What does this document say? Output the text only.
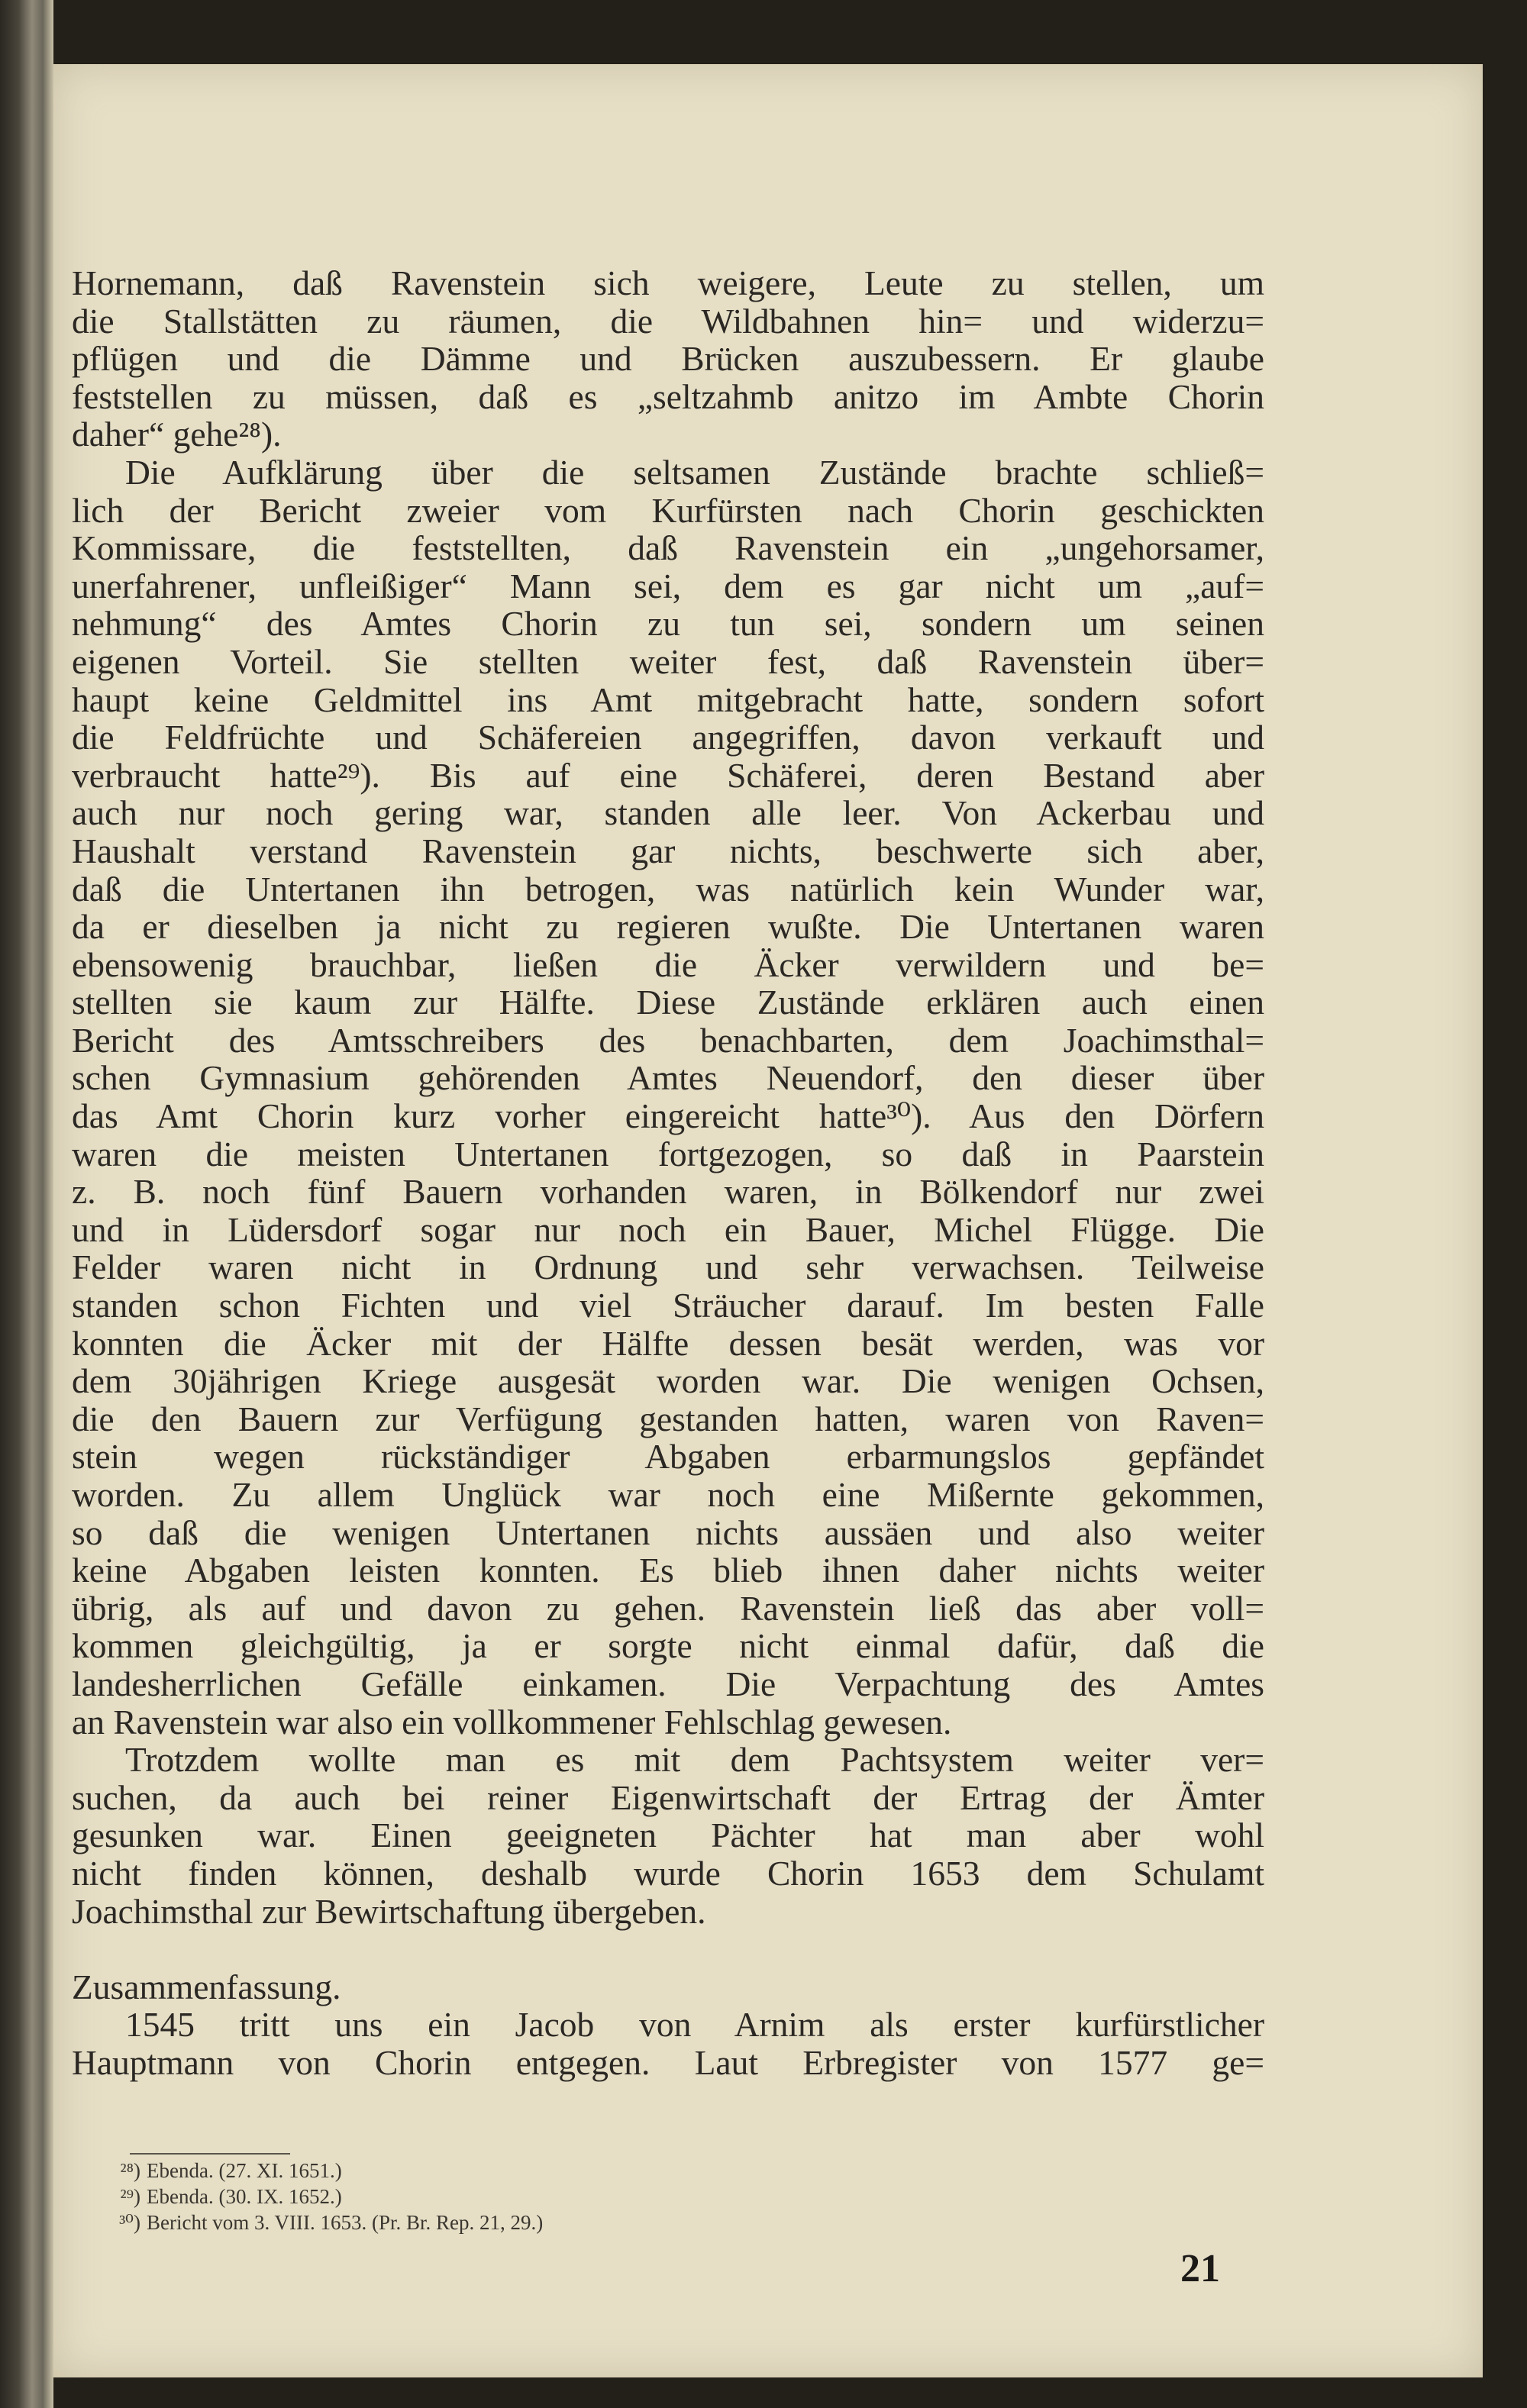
Hornemann, daß Ravenstein sich weigere, Leute zu stellen, um
die Stallstätten zu räumen, die Wildbahnen hin= und widerzu=
pflügen und die Dämme und Brücken auszubessern. Er glaube
feststellen zu müssen, daß es „seltzahmb anitzo im Ambte Chorin
daher“ gehe²⁸).
Die Aufklärung über die seltsamen Zustände brachte schließ=
lich der Bericht zweier vom Kurfürsten nach Chorin geschickten
Kommissare, die feststellten, daß Ravenstein ein „ungehorsamer,
unerfahrener, unfleißiger“ Mann sei, dem es gar nicht um „auf=
nehmung“ des Amtes Chorin zu tun sei, sondern um seinen
eigenen Vorteil. Sie stellten weiter fest, daß Ravenstein über=
haupt keine Geldmittel ins Amt mitgebracht hatte, sondern sofort
die Feldfrüchte und Schäfereien angegriffen, davon verkauft und
verbraucht hatte²⁹). Bis auf eine Schäferei, deren Bestand aber
auch nur noch gering war, standen alle leer. Von Ackerbau und
Haushalt verstand Ravenstein gar nichts, beschwerte sich aber,
daß die Untertanen ihn betrogen, was natürlich kein Wunder war,
da er dieselben ja nicht zu regieren wußte. Die Untertanen waren
ebensowenig brauchbar, ließen die Äcker verwildern und be=
stellten sie kaum zur Hälfte. Diese Zustände erklären auch einen
Bericht des Amtsschreibers des benachbarten, dem Joachimsthal=
schen Gymnasium gehörenden Amtes Neuendorf, den dieser über
das Amt Chorin kurz vorher eingereicht hatte³⁰). Aus den Dörfern
waren die meisten Untertanen fortgezogen, so daß in Paarstein
z. B. noch fünf Bauern vorhanden waren, in Bölkendorf nur zwei
und in Lüdersdorf sogar nur noch ein Bauer, Michel Flügge. Die
Felder waren nicht in Ordnung und sehr verwachsen. Teilweise
standen schon Fichten und viel Sträucher darauf. Im besten Falle
konnten die Äcker mit der Hälfte dessen besät werden, was vor
dem 30jährigen Kriege ausgesät worden war. Die wenigen Ochsen,
die den Bauern zur Verfügung gestanden hatten, waren von Raven=
stein wegen rückständiger Abgaben erbarmungslos gepfändet
worden. Zu allem Unglück war noch eine Mißernte gekommen,
so daß die wenigen Untertanen nichts aussäen und also weiter
keine Abgaben leisten konnten. Es blieb ihnen daher nichts weiter
übrig, als auf und davon zu gehen. Ravenstein ließ das aber voll=
kommen gleichgültig, ja er sorgte nicht einmal dafür, daß die
landesherrlichen Gefälle einkamen. Die Verpachtung des Amtes
an Ravenstein war also ein vollkommener Fehlschlag gewesen.
Trotzdem wollte man es mit dem Pachtsystem weiter ver=
suchen, da auch bei reiner Eigenwirtschaft der Ertrag der Ämter
gesunken war. Einen geeigneten Pächter hat man aber wohl
nicht finden können, deshalb wurde Chorin 1653 dem Schulamt
Joachimsthal zur Bewirtschaftung übergeben.
Zusammenfassung.
1545 tritt uns ein Jacob von Arnim als erster kurfürstlicher
Hauptmann von Chorin entgegen. Laut Erbregister von 1577 ge=
²⁸) Ebenda. (27. XI. 1651.)
²⁹) Ebenda. (30. IX. 1652.)
³⁰) Bericht vom 3. VIII. 1653. (Pr. Br. Rep. 21, 29.)
21
